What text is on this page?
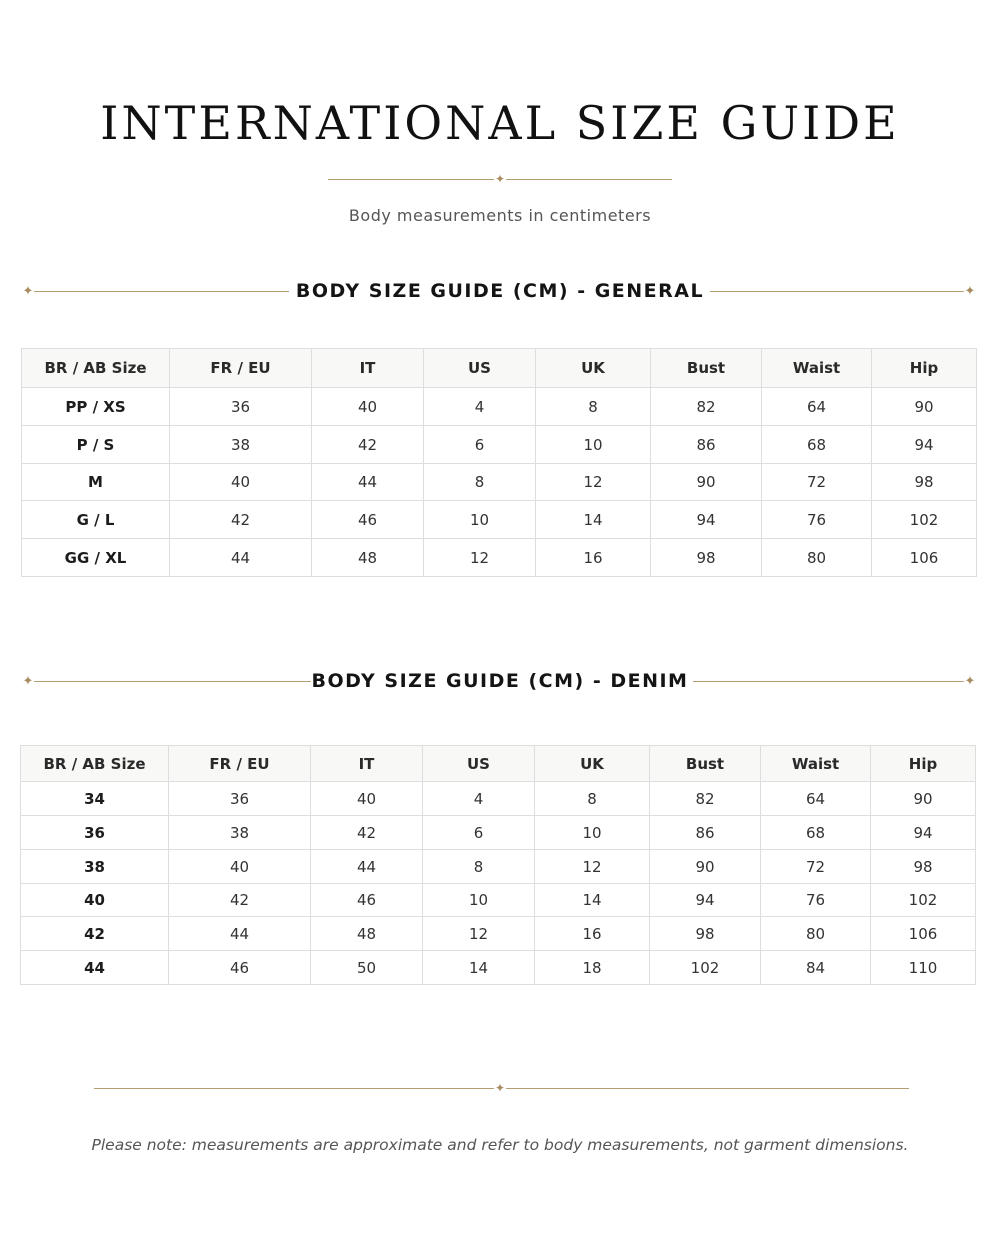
INTERNATIONAL SIZE GUIDE
✦
Body measurements in centimeters
✦	BODY SIZE GUIDE (CM) - GENERAL	✦
BR / AB Size	FR / EU	IT	US	UK	Bust	Waist	Hip
PP / XS	36	40	4	8	82	64	90
P / S	38	42	6	10	86	68	94
M	40	44	8	12	90	72	98
G / L	42	46	10	14	94	76	102
GG / XL	44	48	12	16	98	80	106
✦	BODY SIZE GUIDE (CM) - DENIM	✦
BR / AB Size	FR / EU	IT	US	UK	Bust	Waist	Hip
34	36	40	4	8	82	64	90
36	38	42	6	10	86	68	94
38	40	44	8	12	90	72	98
40	42	46	10	14	94	76	102
42	44	48	12	16	98	80	106
44	46	50	14	18	102	84	110
✦
Please note: measurements are approximate and refer to body measurements, not garment dimensions.
